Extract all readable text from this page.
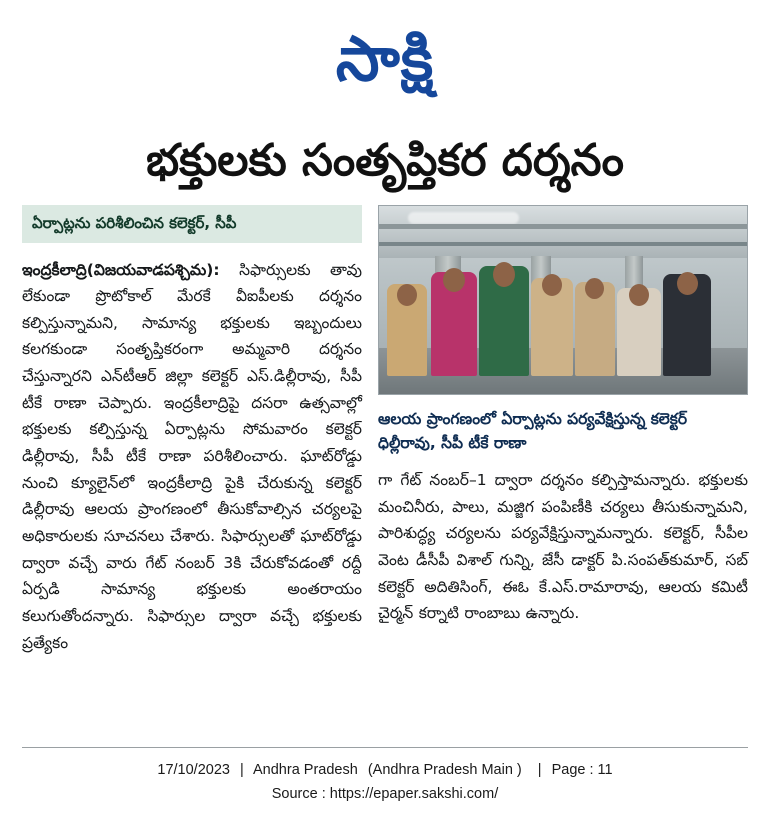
సాక్షి
భక్తులకు సంతృప్తికర దర్శనం
ఏర్పాట్లను పరిశీలించిన కలెక్టర్‌, సీపీ
ఇంద్రకీలాద్రి(విజయవాడపశ్చిమ): సిఫార్సులకు తావు లేకుండా ప్రొటోకాల్‌ మేరకే వీఐపీలకు దర్శనం కల్పిస్తున్నామని, సామాన్య భక్తులకు ఇబ్బందులు కలగకుండా సంతృప్తికరంగా అమ్మవారి దర్శనం చేస్తున్నారని ఎన్‌టీఆర్‌ జిల్లా కలెక్టర్‌ ఎస్‌.డిల్లీరావు, సీపీ టీకే రాణా చెప్పారు. ఇంద్రకీలాద్రిపై దసరా ఉత్సవాల్లో భక్తులకు కల్పిస్తున్న ఏర్పాట్లను సోమవారం కలెక్టర్‌ డిల్లీరావు, సీపీ టీకే రాణా పరిశీలించారు. ఘాట్‌రోడ్డు నుంచి క్యూలైన్‌లో ఇంద్రకీలాద్రి పైకి చేరుకున్న కలెక్టర్‌ డిల్లీరావు ఆలయ ప్రాంగణంలో తీసుకోవాల్సిన చర్యలపై అధికారులకు సూచనలు చేశారు. సిఫార్సులతో ఘాట్‌రోడ్డు ద్వారా వచ్చే వారు గేట్‌ నంబర్‌ 3కి చేరుకోవడంతో రద్దీ ఏర్పడి సామాన్య భక్తులకు అంతరాయం కలుగుతోందన్నారు. సిఫార్సుల ద్వారా వచ్చే భక్తులకు ప్రత్యేకం
ఆలయ ప్రాంగణంలో ఏర్పాట్లను పర్యవేక్షిస్తున్న కలెక్టర్‌ ధిల్లీరావు, సీపీ టీకే రాణా
గా గేట్‌ నంబర్‌–1 ద్వారా దర్శనం కల్పిస్తామన్నారు. భక్తులకు మంచినీరు, పాలు, మజ్జిగ పంపిణీకి చర్యలు తీసుకున్నామని, పారిశుద్ధ్య చర్యలను పర్యవేక్షిస్తున్నామన్నారు. కలెక్టర్‌, సీపీల వెంట డీసీపీ విశాల్‌ గున్ని, జేసీ డాక్టర్‌ పి.సంపత్‌కుమార్‌, సబ్‌ కలెక్టర్‌ అదితిసింగ్‌, ఈఓ కే.ఎస్‌.రామారావు, ఆలయ కమిటీ చైర్మన్‌ కర్నాటి రాంబాబు ఉన్నారు.
17/10/2023 | Andhra Pradesh (Andhra Pradesh Main ) | Page : 11
Source : https://epaper.sakshi.com/
